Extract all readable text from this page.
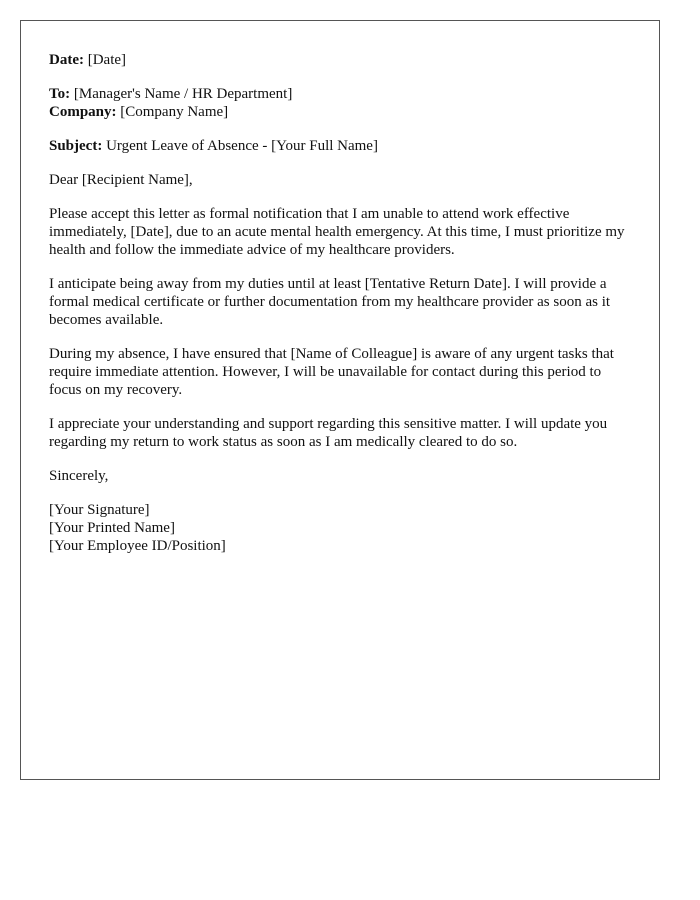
Date: [Date]
To: [Manager's Name / HR Department]
Company: [Company Name]
Subject: Urgent Leave of Absence - [Your Full Name]

Dear [Recipient Name],

Please accept this letter as formal notification that I am unable to attend work effective immediately, [Date], due to an acute mental health emergency. At this time, I must prioritize my health and follow the immediate advice of my healthcare providers.

I anticipate being away from my duties until at least [Tentative Return Date]. I will provide a formal medical certificate or further documentation from my healthcare provider as soon as it becomes available.

During my absence, I have ensured that [Name of Colleague] is aware of any urgent tasks that require immediate attention. However, I will be unavailable for contact during this period to focus on my recovery.

I appreciate your understanding and support regarding this sensitive matter. I will update you regarding my return to work status as soon as I am medically cleared to do so.

Sincerely,

[Your Signature]
[Your Printed Name]
[Your Employee ID/Position]
